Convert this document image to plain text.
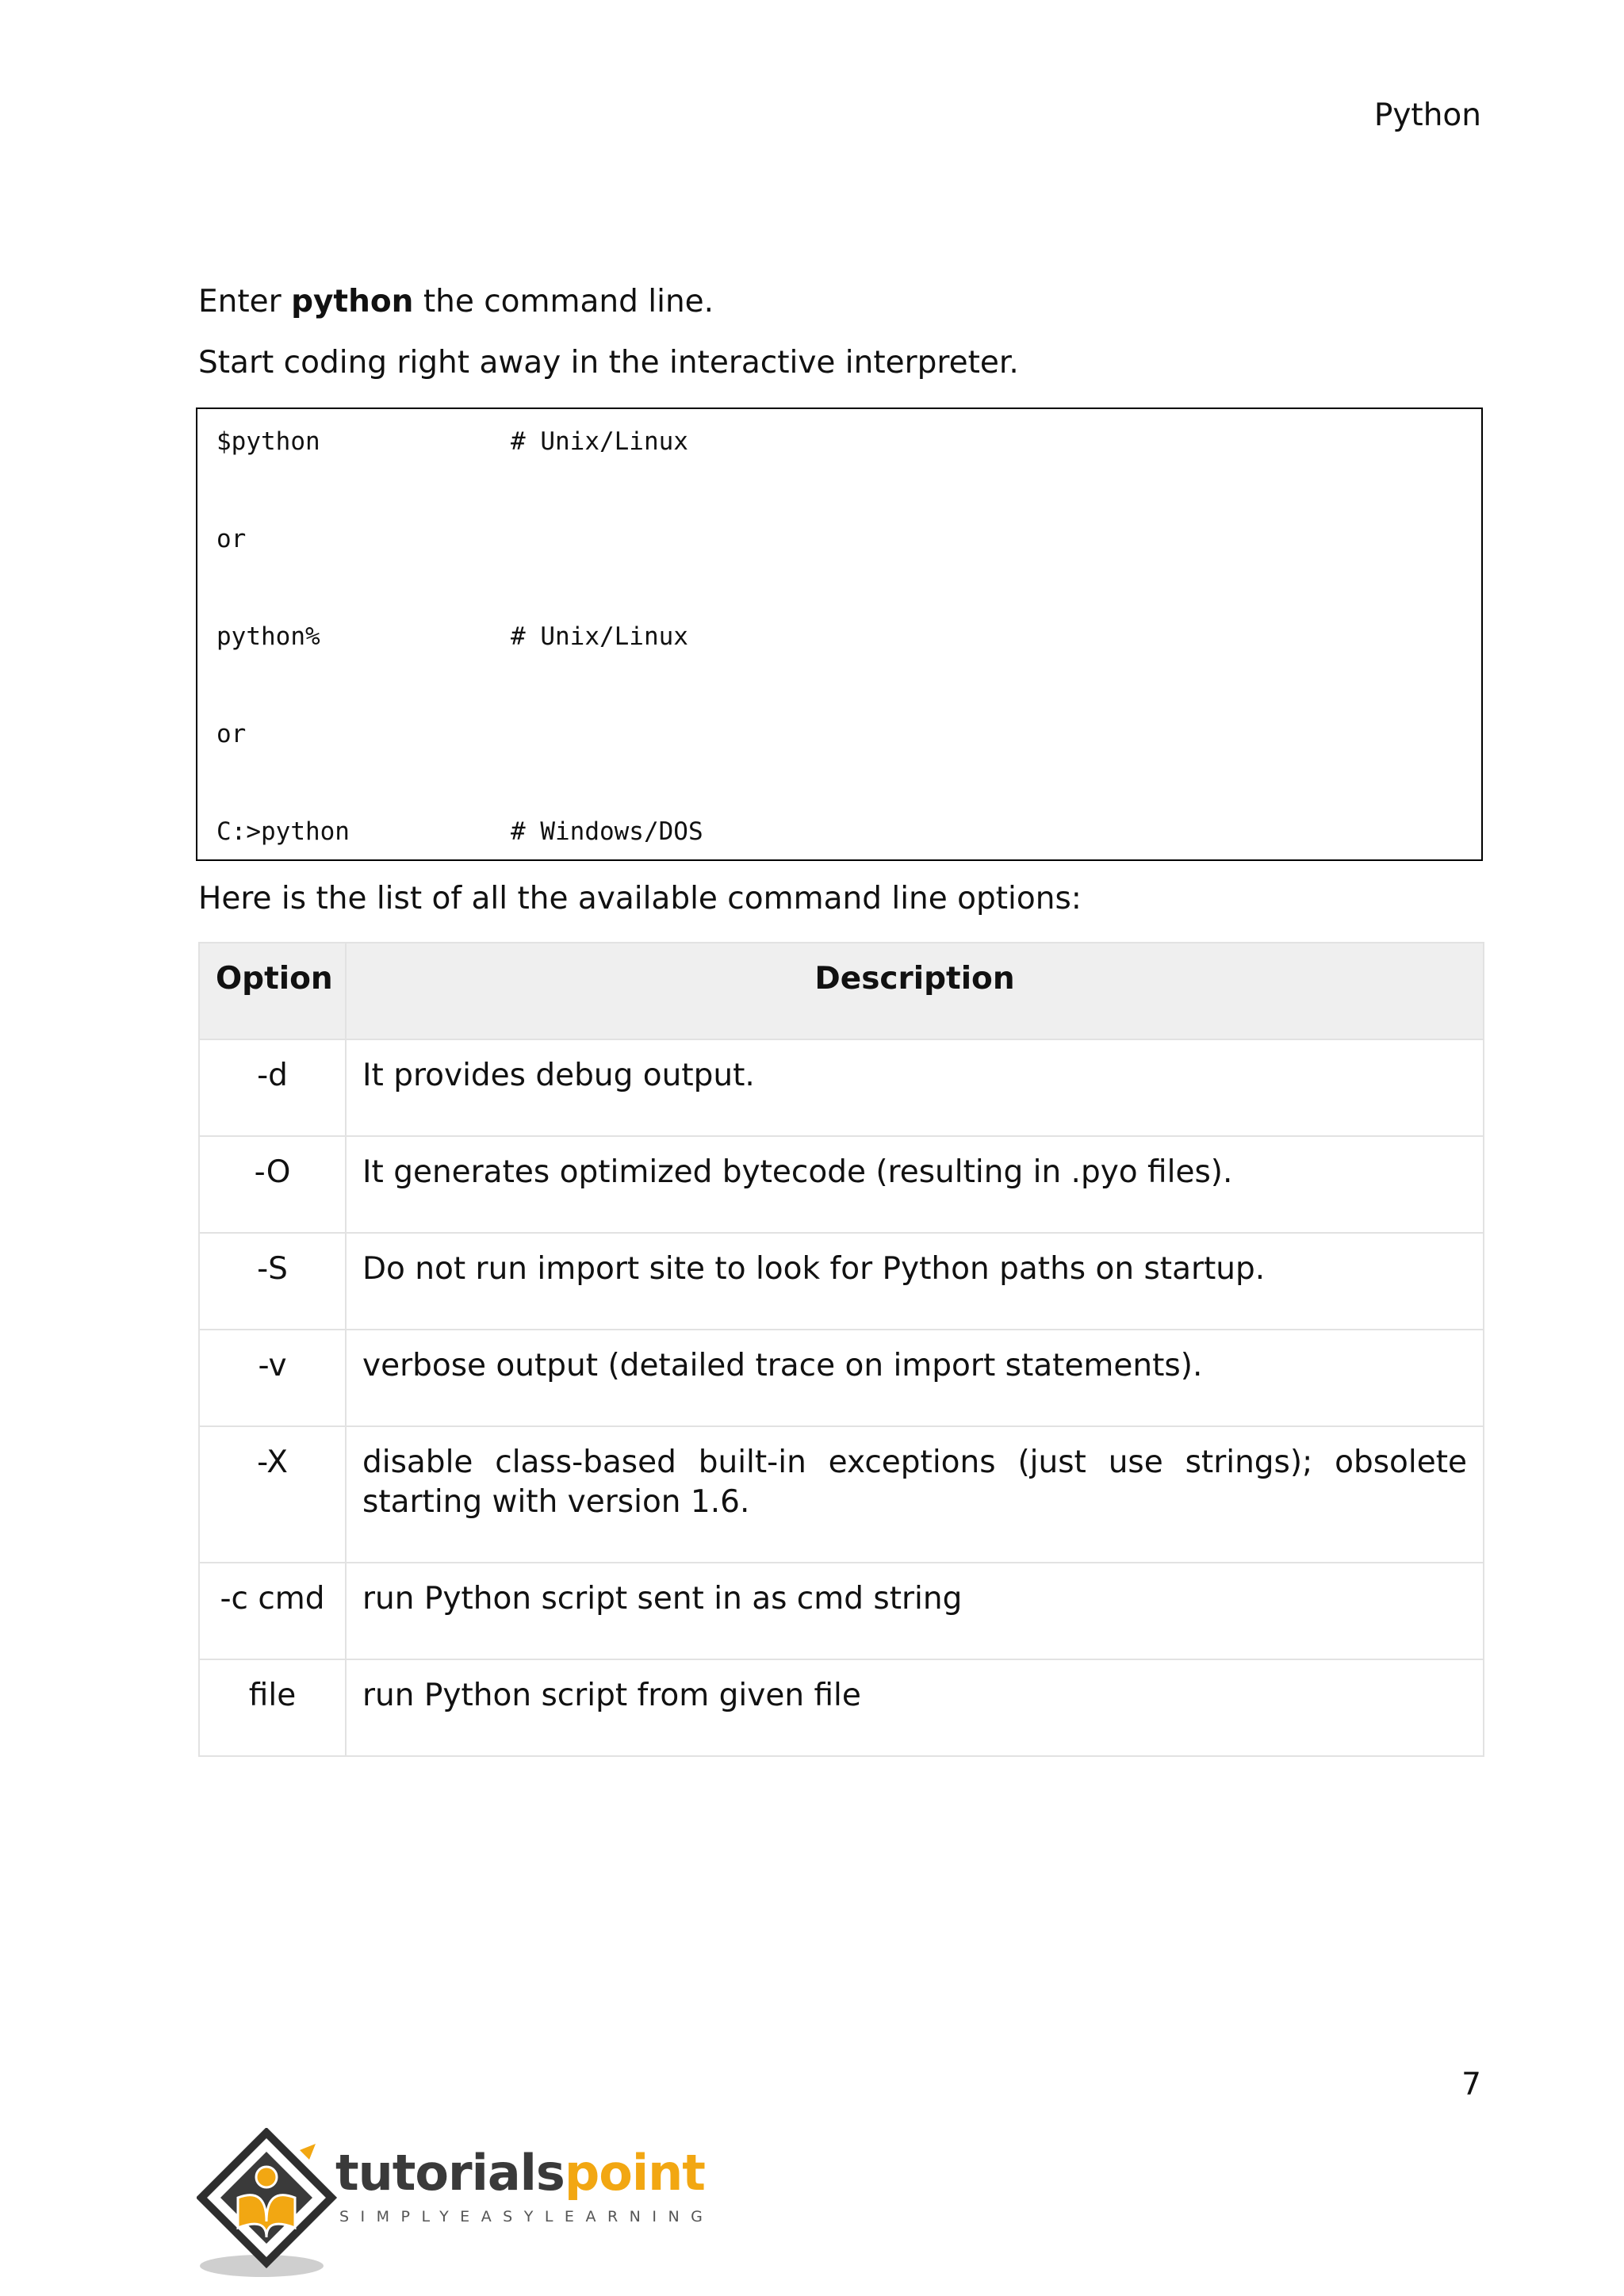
Python
Enter python the command line.
Start coding right away in the interactive interpreter.
$python	# Unix/Linux
or
python%	# Unix/Linux
or
C:>python	# Windows/DOS
Here is the list of all the available command line options:
Option	Description
-d	It provides debug output.
-O	It generates optimized bytecode (resulting in .pyo files).
-S	Do not run import site to look for Python paths on startup.
-v	verbose output (detailed trace on import statements).
-X	disable class-based built-in exceptions (just use strings); obsolete starting with version 1.6.
-c cmd	run Python script sent in as cmd string
file	run Python script from given file
7
tutorialspoint
SIMPLYEASYLEARNING
